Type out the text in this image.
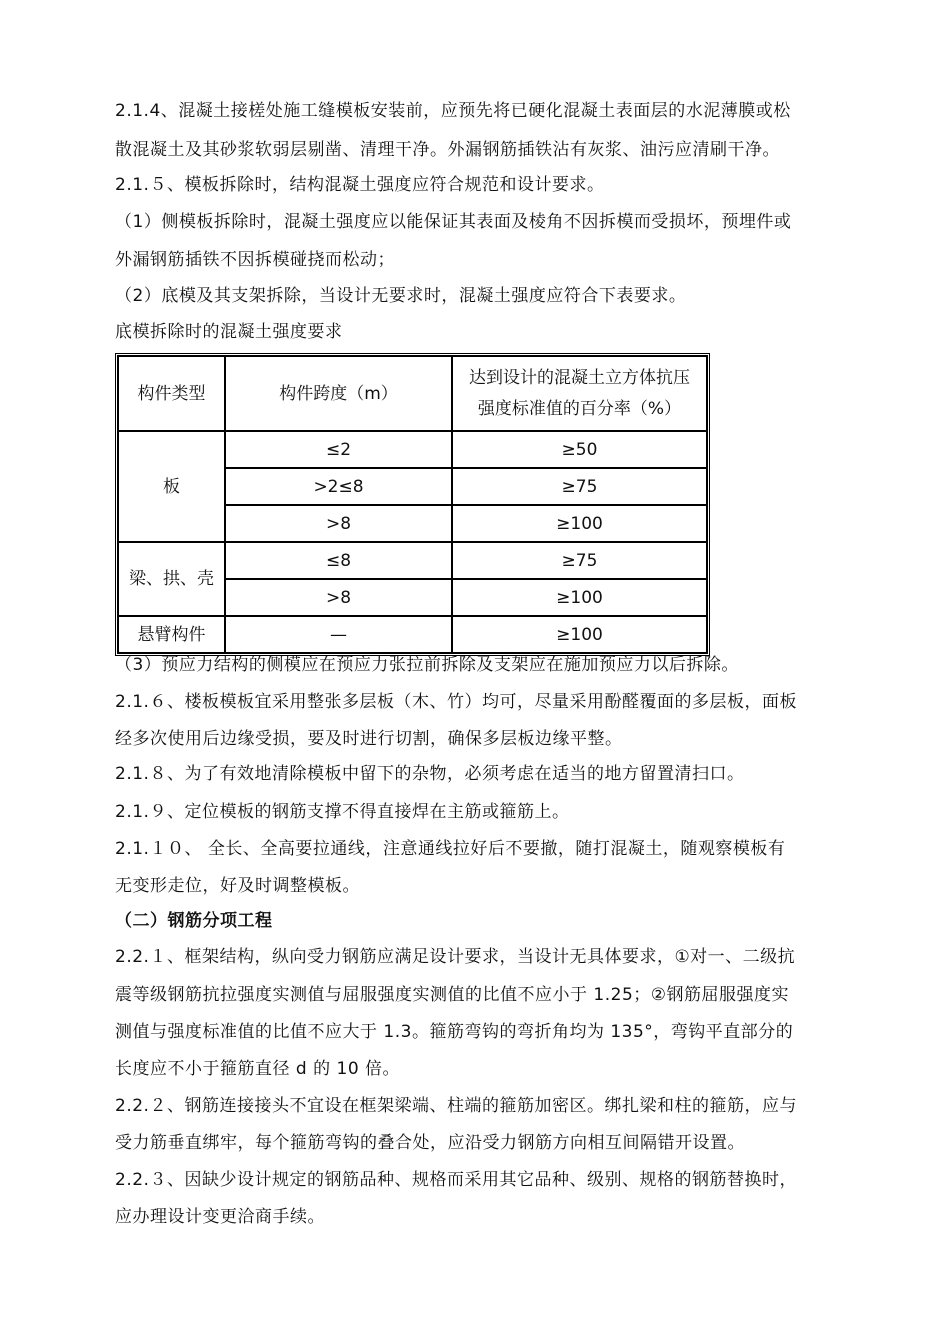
2.1.4、混凝土接槎处施工缝模板安装前，应预先将已硬化混凝土表面层的水泥薄膜或松
散混凝土及其砂浆软弱层剔凿、清理干净。外漏钢筋插铁沾有灰浆、油污应清刷干净。
2.1.５、模板拆除时，结构混凝土强度应符合规范和设计要求。
（1）侧模板拆除时，混凝土强度应以能保证其表面及棱角不因拆模而受损坏，预埋件或
外漏钢筋插铁不因拆模碰挠而松动；
（2）底模及其支架拆除，当设计无要求时，混凝土强度应符合下表要求。
底模拆除时的混凝土强度要求
构件类型	构件跨度（m）	达到设计的混凝土立方体抗压
强度标准值的百分率（%）

板	≤2	≥50
	>2≤8	≥75
	>8	≥100
梁、拱、壳	≤8	≥75
	>8	≥100
悬臂构件	—	≥100
（3）预应力结构的侧模应在预应力张拉前拆除及支架应在施加预应力以后拆除。
2.1.６、楼板模板宜采用整张多层板（木、竹）均可，尽量采用酚醛覆面的多层板，面板
经多次使用后边缘受损，要及时进行切割，确保多层板边缘平整。
2.1.８、为了有效地清除模板中留下的杂物，必须考虑在适当的地方留置清扫口。
2.1.９、定位模板的钢筋支撑不得直接焊在主筋或箍筋上。
2.1.１０、 全长、全高要拉通线，注意通线拉好后不要撤，随打混凝土，随观察模板有
无变形走位，好及时调整模板。
（二）钢筋分项工程
2.2.１、框架结构，纵向受力钢筋应满足设计要求，当设计无具体要求，①对一、二级抗
震等级钢筋抗拉强度实测值与屈服强度实测值的比值不应小于 1.25；②钢筋屈服强度实
测值与强度标准值的比值不应大于 1.3。箍筋弯钩的弯折角均为 135°，弯钩平直部分的
长度应不小于箍筋直径 d 的 10 倍。
2.2.２、钢筋连接接头不宜设在框架梁端、柱端的箍筋加密区。绑扎梁和柱的箍筋，应与
受力筋垂直绑牢，每个箍筋弯钩的叠合处，应沿受力钢筋方向相互间隔错开设置。
2.2.３、因缺少设计规定的钢筋品种、规格而采用其它品种、级别、规格的钢筋替换时，
应办理设计变更洽商手续。
